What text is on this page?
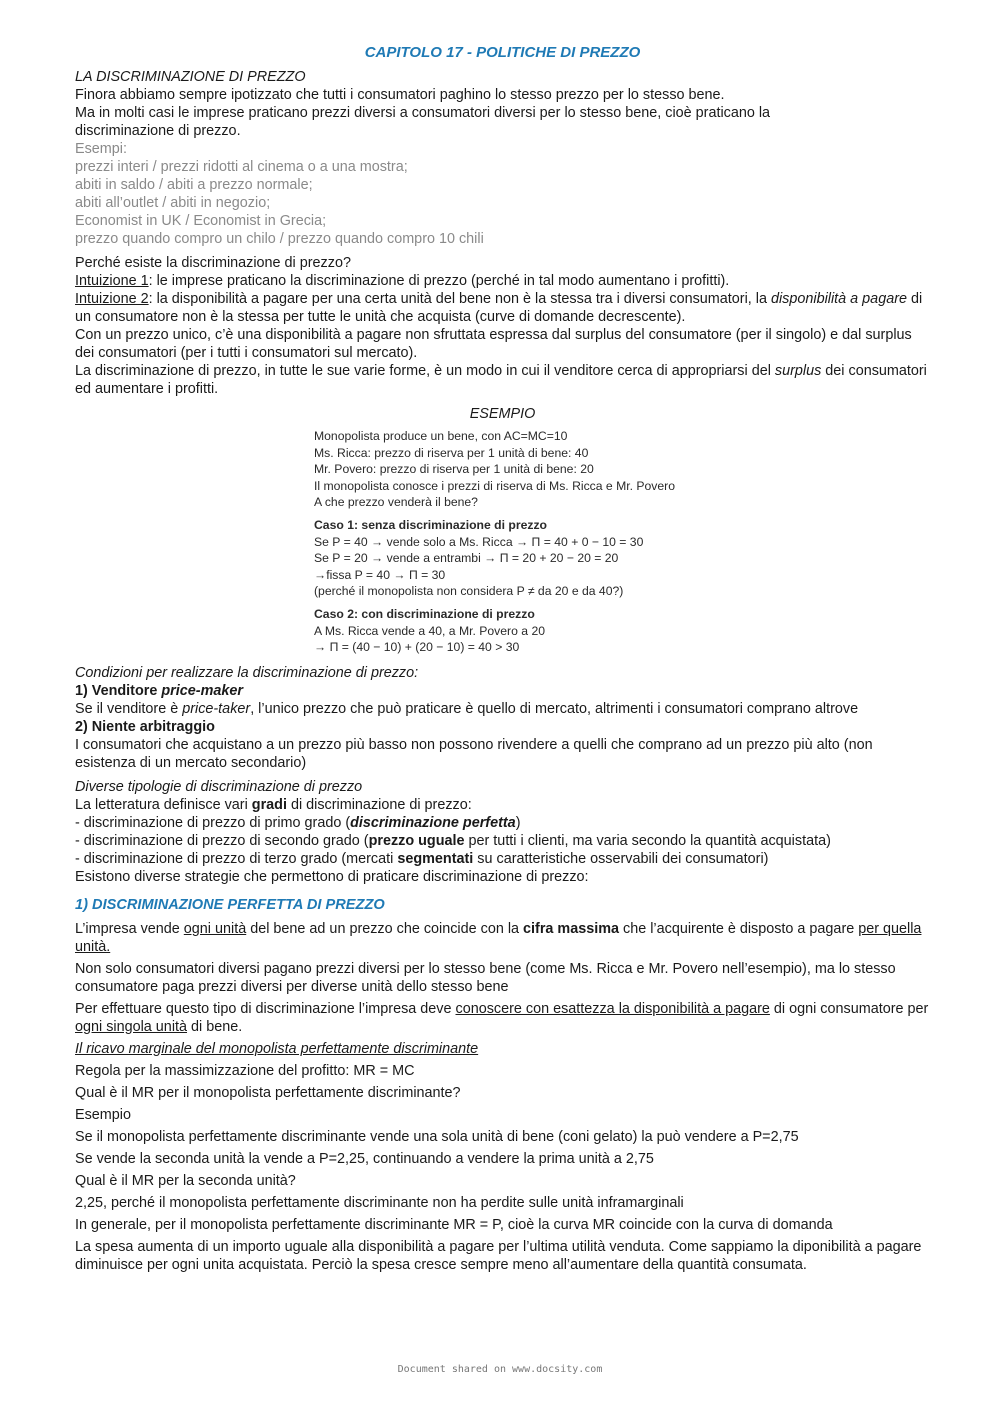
CAPITOLO 17 - POLITICHE DI PREZZO
LA DISCRIMINAZIONE DI PREZZO

Finora abbiamo sempre ipotizzato che tutti i consumatori paghino lo stesso prezzo per lo stesso bene.

Ma in molti casi le imprese praticano prezzi diversi a consumatori diversi per lo stesso bene, cioè praticano la
discriminazione di prezzo.

Esempi:

prezzi interi / prezzi ridotti al cinema o a una mostra;

abiti in saldo / abiti a prezzo normale;

abiti all’outlet / abiti in negozio;

Economist in UK / Economist in Grecia;

prezzo quando compro un chilo / prezzo quando compro 10 chili

Perché esiste la discriminazione di prezzo?

Intuizione 1: le imprese praticano la discriminazione di prezzo (perché in tal modo aumentano i profitti).

Intuizione 2: la disponibilità a pagare per una certa unità del bene non è la stessa tra i diversi consumatori, la disponibilità a pagare di un consumatore non è la stessa per tutte le unità che acquista (curve di domande decrescente).

Con un prezzo unico, c’è una disponibilità a pagare non sfruttata espressa dal surplus del consumatore (per il singolo) e dal surplus dei consumatori (per i tutti i consumatori sul mercato).

La discriminazione di prezzo, in tutte le sue varie forme, è un modo in cui il venditore cerca di appropriarsi del surplus dei consumatori ed aumentare i profitti.

ESEMPIO

Monopolista produce un bene, con AC=MC=10

Ms. Ricca: prezzo di riserva per 1 unità di bene: 40

Mr. Povero: prezzo di riserva per 1 unità di bene: 20

Il monopolista conosce i prezzi di riserva di Ms. Ricca e Mr. Povero

A che prezzo venderà il bene?

Caso 1: senza discriminazione di prezzo

Se P = 40 → vende solo a Ms. Ricca → Π = 40 + 0 − 10 = 30

Se P = 20 → vende a entrambi → Π = 20 + 20 − 20 = 20

→fissa P = 40 → Π = 30

(perché il monopolista non considera P ≠ da 20 e da 40?)

Caso 2: con discriminazione di prezzo

A Ms. Ricca vende a 40, a Mr. Povero a 20

→ Π = (40 − 10) + (20 − 10) = 40 > 30

Condizioni per realizzare la discriminazione di prezzo:

1) Venditore price-maker

Se il venditore è price-taker, l’unico prezzo che può praticare è quello di mercato, altrimenti i consumatori comprano altrove

2) Niente arbitraggio

I consumatori che acquistano a un prezzo più basso non possono rivendere a quelli che comprano ad un prezzo più alto (non esistenza di un mercato secondario)

Diverse tipologie di discriminazione di prezzo

La letteratura definisce vari gradi di discriminazione di prezzo:

- discriminazione di prezzo di primo grado (discriminazione perfetta)

- discriminazione di prezzo di secondo grado (prezzo uguale per tutti i clienti, ma varia secondo la quantità acquistata)

- discriminazione di prezzo di terzo grado (mercati segmentati su caratteristiche osservabili dei consumatori)

Esistono diverse strategie che permettono di praticare discriminazione di prezzo:

1) DISCRIMINAZIONE PERFETTA DI PREZZO

L’impresa vende ogni unità del bene ad un prezzo che coincide con la cifra massima che l’acquirente è disposto a pagare per quella unità.

Non solo consumatori diversi pagano prezzi diversi per lo stesso bene (come Ms. Ricca e Mr. Povero nell’esempio), ma lo stesso consumatore paga prezzi diversi per diverse unità dello stesso bene

Per effettuare questo tipo di discriminazione l’impresa deve conoscere con esattezza la disponibilità a pagare di ogni consumatore per ogni singola unità di bene.

Il ricavo marginale del monopolista perfettamente discriminante

Regola per la massimizzazione del profitto: MR = MC

Qual è il MR per il monopolista perfettamente discriminante?

Esempio

Se il monopolista perfettamente discriminante vende una sola unità di bene (coni gelato) la può vendere a P=2,75

Se vende la seconda unità la vende a P=2,25, continuando a vendere la prima unità a 2,75

Qual è il MR per la seconda unità?

2,25, perché il monopolista perfettamente discriminante non ha perdite sulle unità inframarginali

In generale, per il monopolista perfettamente discriminante MR = P, cioè la curva MR coincide con la curva di domanda

La spesa aumenta di un importo uguale alla disponibilità a pagare per l’ultima utilità venduta. Come sappiamo la diponibilità a pagare diminuisce per ogni unita acquistata. Perciò la spesa cresce sempre meno all’aumentare della quantità consumata.

Document shared on www.docsity.com
